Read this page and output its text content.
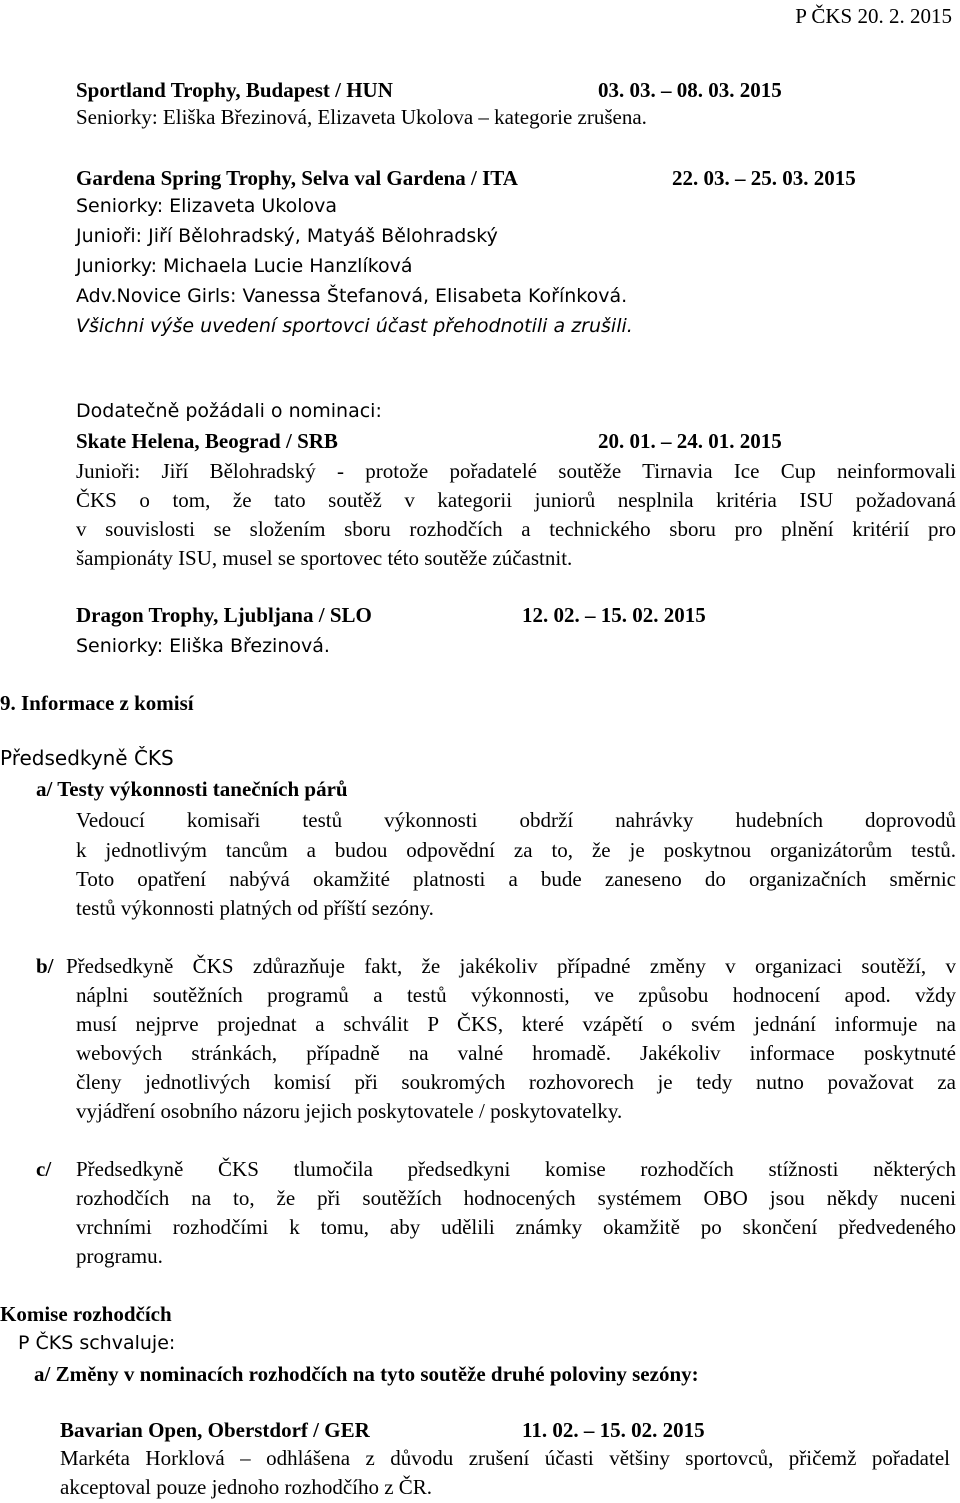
P ČKS 20. 2. 2015
Sportland Trophy, Budapest / HUN	03. 03. – 08. 03. 2015
Seniorky: Eliška Březinová, Elizaveta Ukolova – kategorie zrušena.
Gardena Spring Trophy, Selva val Gardena / ITA	22. 03. – 25. 03. 2015
Seniorky: Elizaveta Ukolova
Junioři: Jiří Bělohradský, Matyáš Bělohradský
Juniorky: Michaela Lucie Hanzlíková
Adv.Novice Girls: Vanessa Štefanová, Elisabeta Kořínková.
Všichni výše uvedení sportovci účast přehodnotili a zrušili.
Dodatečně požádali o nominaci:
Skate Helena, Beograd / SRB	20. 01. – 24. 01. 2015
Junioři: Jiří Bělohradský - protože pořadatelé soutěže Tirnavia Ice Cup neinformovali
ČKS o tom, že tato soutěž v kategorii juniorů nesplnila kritéria ISU požadovaná
v souvislosti se složením sboru rozhodčích a technického sboru pro plnění kritérií pro
šampionáty ISU, musel se sportovec této soutěže zúčastnit.
Dragon Trophy, Ljubljana / SLO	12. 02. – 15. 02. 2015
Seniorky: Eliška Březinová.
9. Informace z komisí
Předsedkyně ČKS
a/ Testy výkonnosti tanečních párů
Vedoucí komisaři testů výkonnosti obdrží nahrávky hudebních doprovodů
k jednotlivým tancům a budou odpovědní za to, že je poskytnou organizátorům testů.
Toto opatření nabývá okamžité platnosti a bude zaneseno do organizačních směrnic
testů výkonnosti platných od příští sezóny.
b/ Předsedkyně ČKS zdůrazňuje fakt, že jakékoliv případné změny v organizaci soutěží, v
náplni soutěžních programů a testů výkonnosti, ve způsobu hodnocení apod. vždy
musí nejprve projednat a schválit P ČKS, které vzápětí o svém jednání informuje na
webových stránkách, případně na valné hromadě. Jakékoliv informace poskytnuté
členy jednotlivých komisí při soukromých rozhovorech je tedy nutno považovat za
vyjádření osobního názoru jejich poskytovatele / poskytovatelky.
c/ Předsedkyně ČKS tlumočila předsedkyni komise rozhodčích stížnosti některých
rozhodčích na to, že při soutěžích hodnocených systémem OBO jsou někdy nuceni
vrchními rozhodčími k tomu, aby udělili známky okamžitě po skončení předvedeného
programu.
Komise rozhodčích
P ČKS schvaluje:
a/ Změny v nominacích rozhodčích na tyto soutěže druhé poloviny sezóny:
Bavarian Open, Oberstdorf / GER	11. 02. – 15. 02. 2015
Markéta Horklová – odhlášena z důvodu zrušení účasti většiny sportovců, přičemž pořadatel
akceptoval pouze jednoho rozhodčího z ČR.
